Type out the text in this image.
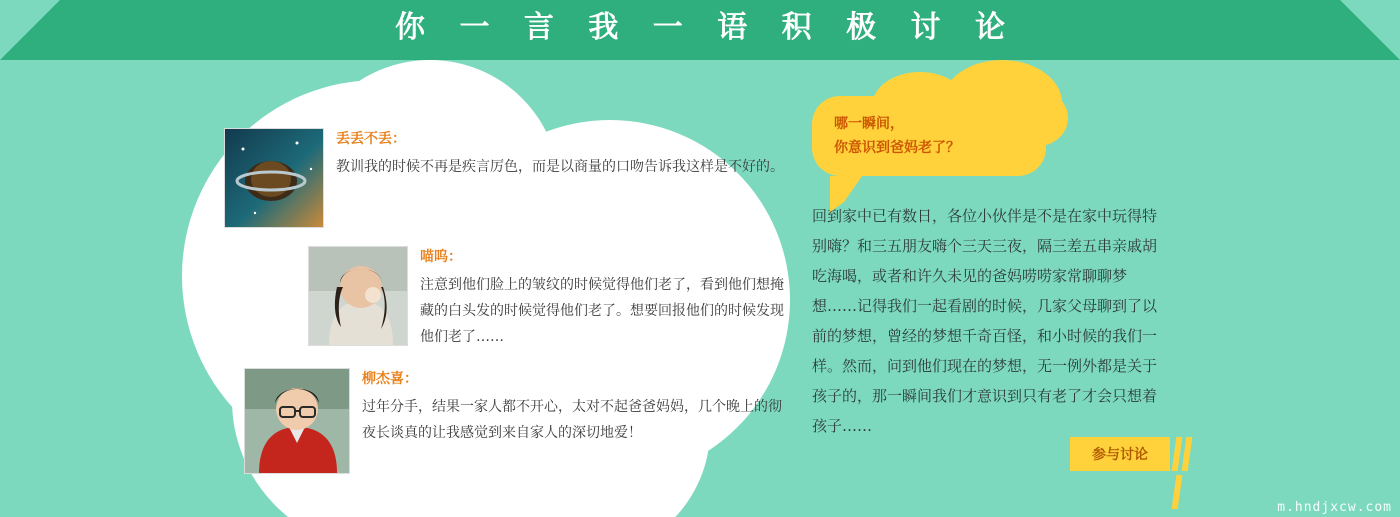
你 一 言 我 一 语 积 极 讨 论
丢丢不丢：
教训我的时候不再是疾言厉色，而是以商量的口吻告诉我这样是不好的。
喵呜：
注意到他们脸上的皱纹的时候觉得他们老了，看到他们想掩藏的白头发的时候觉得他们老了。想要回报他们的时候发现他们老了……
柳杰喜：
过年分手，结果一家人都不开心，太对不起爸爸妈妈，几个晚上的彻夜长谈真的让我感觉到来自家人的深切地爱！
哪一瞬间，
你意识到爸妈老了？
回到家中已有数日，各位小伙伴是不是在家中玩得特别嗨？和三五朋友嗨个三天三夜，隔三差五串亲戚胡吃海喝，或者和许久未见的爸妈唠唠家常聊聊梦想……记得我们一起看剧的时候，几家父母聊到了以前的梦想，曾经的梦想千奇百怪，和小时候的我们一样。然而，问到他们现在的梦想，无一例外都是关于孩子的，那一瞬间我们才意识到只有老了才会只想着孩子……
参与讨论
m.hndjxcw.com
